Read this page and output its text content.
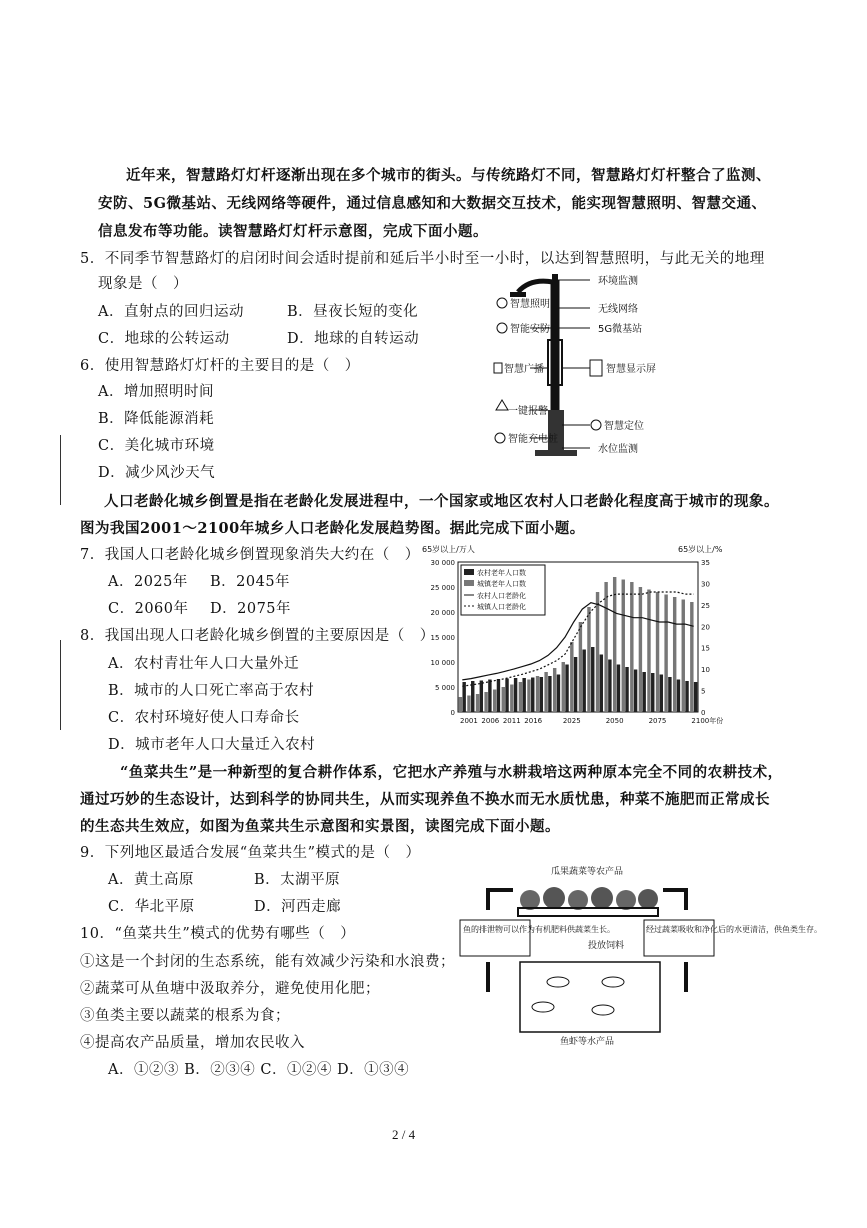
近年来，智慧路灯灯杆逐渐出现在多个城市的街头。与传统路灯不同，智慧路灯灯杆整合了监测、
安防、5G微基站、无线网络等硬件，通过信息感知和大数据交互技术，能实现智慧照明、智慧交通、
信息发布等功能。读智慧路灯灯杆示意图，完成下面小题。
5．不同季节智慧路灯的启闭时间会适时提前和延后半小时至一小时，以达到智慧照明，与此无关的地理
现象是（　）
A．直射点的回归运动	B．昼夜长短的变化
C．地球的公转运动	D．地球的自转运动
6．使用智慧路灯灯杆的主要目的是（　）
A．增加照明时间
B．降低能源消耗
C．美化城市环境
D．减少风沙天气
环境监测
无线网络
5G微基站
智慧显示屏
智慧定位
水位监测
智慧照明
智能安防
智慧广播
一键报警
智能充电桩
人口老龄化城乡倒置是指在老龄化发展进程中，一个国家或地区农村人口老龄化程度高于城市的现象。
图为我国2001～2100年城乡人口老龄化发展趋势图。据此完成下面小题。
7．我国人口老龄化城乡倒置现象消失大约在（　）
A．2025年 B．2045年
C．2060年 D．2075年
8．我国出现人口老龄化城乡倒置的主要原因是（　）
A．农村青壮年人口大量外迁
B．城市的人口死亡率高于农村
C．农村环境好使人口寿命长
D．城市老年人口大量迁入农村
65岁以上/万人	65岁以上/%
0
5 000
10 000
15 000
20 000
25 000
30 000
0
5
10
15
20
25
30
35
2001 2006 2011 2016	2025	2050	2075	2100年份
农村老年人口数
城镇老年人口数
农村人口老龄化
城镇人口老龄化
“鱼菜共生”是一种新型的复合耕作体系，它把水产养殖与水耕栽培这两种原本完全不同的农耕技术，
通过巧妙的生态设计，达到科学的协同共生，从而实现养鱼不换水而无水质忧患，种菜不施肥而正常成长
的生态共生效应，如图为鱼菜共生示意图和实景图，读图完成下面小题。
9．下列地区最适合发展“鱼菜共生”模式的是（　）
A．黄土高原	B．太湖平原
C．华北平原	D．河西走廊
10．“鱼菜共生”模式的优势有哪些（　）
①这是一个封闭的生态系统，能有效减少污染和水浪费；
②蔬菜可从鱼塘中汲取养分，避免使用化肥；
③鱼类主要以蔬菜的根系为食；
④提高农产品质量，增加农民收入
A．①②③ B．②③④ C．①②④ D．①③④
瓜果蔬菜等农产品
鱼的排泄物可以作为有机肥料供蔬菜生长。	经过蔬菜吸收和净化后的水更清洁，供鱼类生存。
投放饲料
鱼虾等水产品
2 / 4
